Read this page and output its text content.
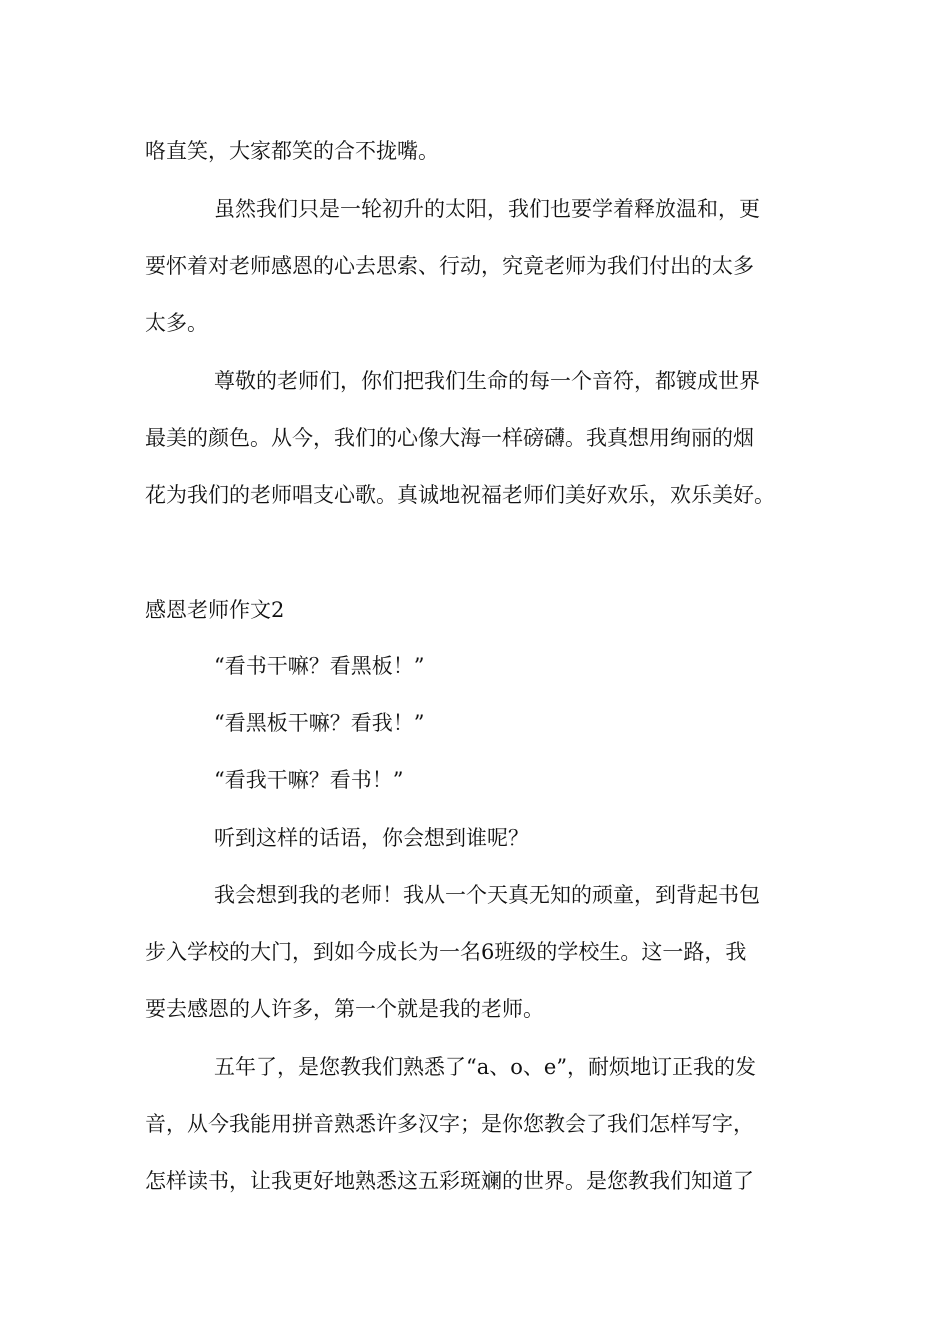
咯直笑，大家都笑的合不拢嘴。
虽然我们只是一轮初升的太阳，我们也要学着释放温和，更
要怀着对老师感恩的心去思索、行动，究竟老师为我们付出的太多
太多。
尊敬的老师们，你们把我们生命的每一个音符，都镀成世界
最美的颜色。从今，我们的心像大海一样磅礴。我真想用绚丽的烟
花为我们的老师唱支心歌。真诚地祝福老师们美好欢乐，欢乐美好。
感恩老师作文2
“看书干嘛？看黑板！”
“看黑板干嘛？看我！”
“看我干嘛？看书！”
听到这样的话语，你会想到谁呢？
我会想到我的老师！我从一个天真无知的顽童，到背起书包
步入学校的大门，到如今成长为一名6班级的学校生。这一路，我
要去感恩的人许多，第一个就是我的老师。
五年了，是您教我们熟悉了“a、o、e”，耐烦地订正我的发
音，从今我能用拼音熟悉许多汉字；是你您教会了我们怎样写字，
怎样读书，让我更好地熟悉这五彩斑斓的世界。是您教我们知道了
